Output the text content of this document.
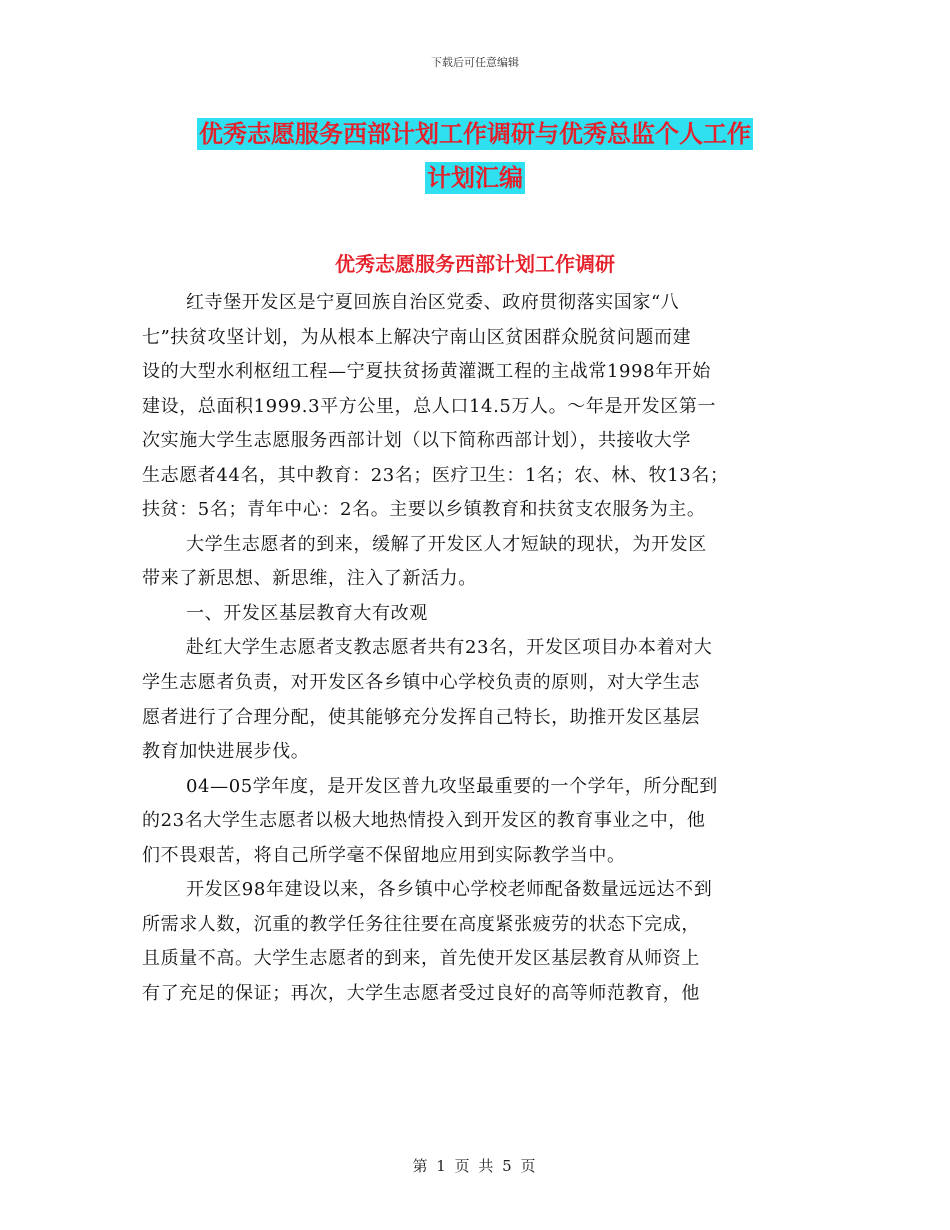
下载后可任意编辑
优秀志愿服务西部计划工作调研与优秀总监个人工作
计划汇编
优秀志愿服务西部计划工作调研
红寺堡开发区是宁夏回族自治区党委、政府贯彻落实国家“八
七”扶贫攻坚计划，为从根本上解决宁南山区贫困群众脱贫问题而建
设的大型水利枢纽工程—宁夏扶贫扬黄灌溉工程的主战常1998年开始
建设，总面积1999.3平方公里，总人口14.5万人。～年是开发区第一
次实施大学生志愿服务西部计划（以下简称西部计划），共接收大学
生志愿者44名，其中教育：23名；医疗卫生：1名；农、林、牧13名；
扶贫：5名；青年中心：2名。主要以乡镇教育和扶贫支农服务为主。
大学生志愿者的到来，缓解了开发区人才短缺的现状，为开发区
带来了新思想、新思维，注入了新活力。
一、开发区基层教育大有改观
赴红大学生志愿者支教志愿者共有23名，开发区项目办本着对大
学生志愿者负责，对开发区各乡镇中心学校负责的原则，对大学生志
愿者进行了合理分配，使其能够充分发挥自己特长，助推开发区基层
教育加快进展步伐。
04—05学年度，是开发区普九攻坚最重要的一个学年，所分配到
的23名大学生志愿者以极大地热情投入到开发区的教育事业之中，他
们不畏艰苦，将自己所学毫不保留地应用到实际教学当中。
开发区98年建设以来，各乡镇中心学校老师配备数量远远达不到
所需求人数，沉重的教学任务往往要在高度紧张疲劳的状态下完成，
且质量不高。大学生志愿者的到来，首先使开发区基层教育从师资上
有了充足的保证；再次，大学生志愿者受过良好的高等师范教育，他
第 1 页 共 5 页
